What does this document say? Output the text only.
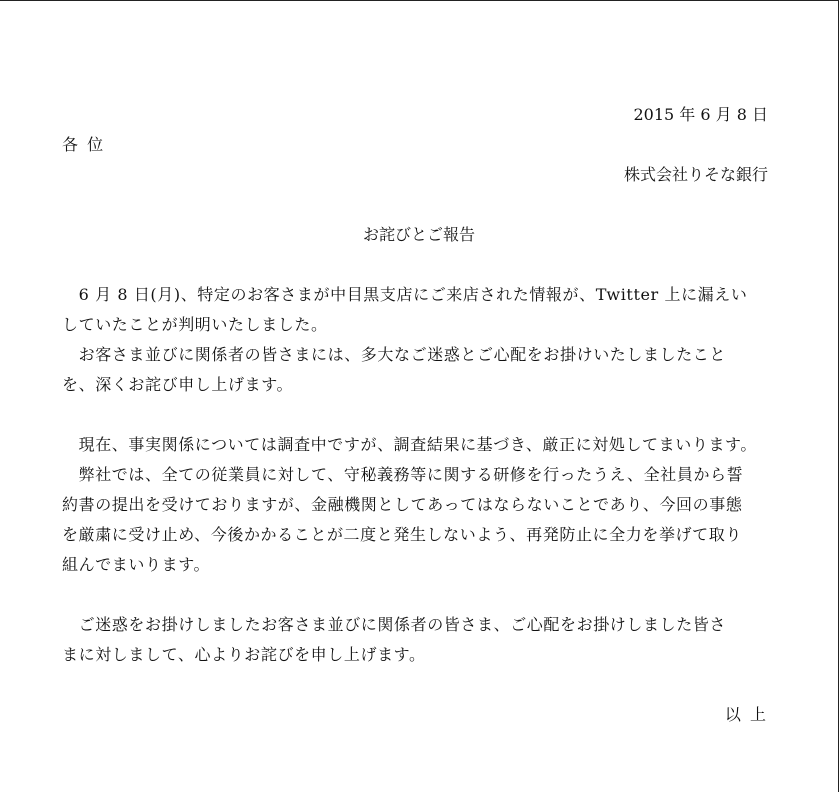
2015 年 6 月 8 日
各 位
株式会社りそな銀行
お詫びとご報告
　6 月 8 日(月)、特定のお客さまが中目黒支店にご来店された情報が、Twitter 上に漏えい
していたことが判明いたしました。
　お客さま並びに関係者の皆さまには、多大なご迷惑とご心配をお掛けいたしましたこと
を、深くお詫び申し上げます。
　現在、事実関係については調査中ですが、調査結果に基づき、厳正に対処してまいります。
　弊社では、全ての従業員に対して、守秘義務等に関する研修を行ったうえ、全社員から誓
約書の提出を受けておりますが、金融機関としてあってはならないことであり、今回の事態
を厳粛に受け止め、今後かかることが二度と発生しないよう、再発防止に全力を挙げて取り
組んでまいります。
　ご迷惑をお掛けしましたお客さま並びに関係者の皆さま、ご心配をお掛けしました皆さ
まに対しまして、心よりお詫びを申し上げます。
以 上
